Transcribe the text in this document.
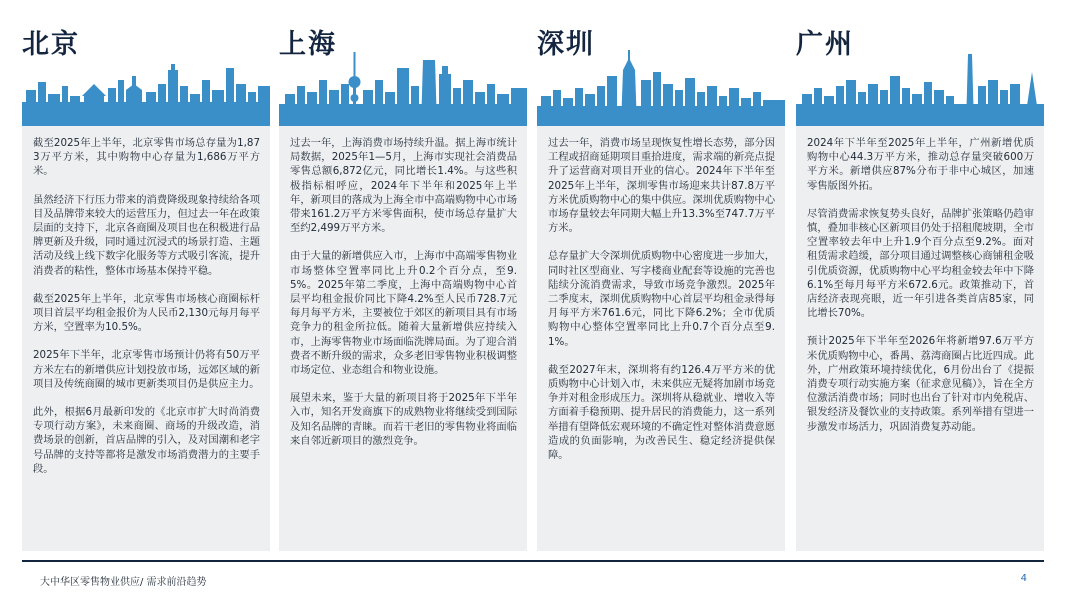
北京

截至2025年上半年，北京零售市场总存量为1,873万平方米，其中购物中心存量为1,686万平方米。

虽然经济下行压力带来的消费降级现象持续给各项目及品牌带来较大的运营压力，但过去一年在政策层面的支持下，北京各商圈及项目也在积极进行品牌更新及升级，同时通过沉浸式的场景打造、主题活动及线上线下数字化服务等方式吸引客流，提升消费者的粘性，整体市场基本保持平稳。

截至2025年上半年，北京零售市场核心商圈标杆项目首层平均租金报价为人民币2,130元每月每平方米，空置率为10.5%。

2025年下半年，北京零售市场预计仍将有50万平方米左右的新增供应计划投放市场，远郊区域的新项目及传统商圈的城市更新类项目仍是供应主力。

此外，根据6月最新印发的《北京市扩大时尚消费专项行动方案》，未来商圈、商场的升级改造，消费场景的创新，首店品牌的引入，及对国潮和老字号品牌的支持等都将是激发市场消费潜力的主要手段。

上海

过去一年，上海消费市场持续升温。据上海市统计局数据，2025年1—5月，上海市实现社会消费品零售总额6,872亿元，同比增长1.4%。与这些积极指标相呼应，2024年下半年和2025年上半年，新项目的落成为上海全市中高端购物中心市场带来161.2万平方米零售面积，使市场总存量扩大至约2,499万平方米。

由于大量的新增供应入市，上海市中高端零售物业市场整体空置率同比上升0.2个百分点，至9.5%。2025年第二季度，上海中高端购物中心首层平均租金报价同比下降4.2%至人民币728.7元每月每平方米，主要被位于郊区的新项目具有市场竞争力的租金所拉低。随着大量新增供应持续入市，上海零售物业市场面临洗牌局面。为了迎合消费者不断升级的需求，众多老旧零售物业积极调整市场定位、业态组合和物业设施。

展望未来，鉴于大量的新项目将于2025年下半年入市，知名开发商旗下的成熟物业将继续受到国际及知名品牌的青睐。而若干老旧的零售物业将面临来自邻近新项目的激烈竞争。

深圳

过去一年，消费市场呈现恢复性增长态势，部分因工程或招商延期项目重拾进度，需求端的新亮点提升了运营商对项目开业的信心。2024年下半年至2025年上半年，深圳零售市场迎来共计87.8万平方米优质购物中心的集中供应。深圳优质购物中心市场存量较去年同期大幅上升13.3%至747.7万平方米。

总存量扩大令深圳优质购物中心密度进一步加大，同时社区型商业、写字楼商业配套等设施的完善也陆续分流消费需求，导致市场竞争激烈。2025年二季度末，深圳优质购物中心首层平均租金录得每月每平方米761.6元，同比下降6.2%；全市优质购物中心整体空置率同比上升0.7个百分点至9.1%。

截至2027年末，深圳将有约126.4万平方米的优质购物中心计划入市，未来供应无疑将加剧市场竞争并对租金形成压力。深圳将从稳就业、增收入等方面着手稳预期、提升居民的消费能力，这一系列举措有望降低宏观环境的不确定性对整体消费意愿造成的负面影响，为改善民生、稳定经济提供保障。

广州

2024年下半年至2025年上半年，广州新增优质购物中心44.3万平方米，推动总存量突破600万平方米。新增供应87%分布于非中心城区，加速零售版图外拓。

尽管消费需求恢复势头良好，品牌扩张策略仍趋审慎，叠加非核心区新项目仍处于招租爬坡期，全市空置率较去年中上升1.9个百分点至9.2%。面对租赁需求趋缓，部分项目通过调整核心商铺租金吸引优质资源，优质购物中心平均租金较去年中下降6.1%至每月每平方米672.6元。政策推动下，首店经济表现亮眼，近一年引进各类首店85家，同比增长70%。

预计2025年下半年至2026年将新增97.6万平方米优质购物中心，番禺、荔湾商圈占比近四成。此外，广州政策环境持续优化，6月份出台了《提振消费专项行动实施方案（征求意见稿）》，旨在全方位激活消费市场；同时也出台了针对市内免税店、银发经济及餐饮业的支持政策。系列举措有望进一步激发市场活力，巩固消费复苏动能。

大中华区零售物业供应/ 需求前沿趋势	4
